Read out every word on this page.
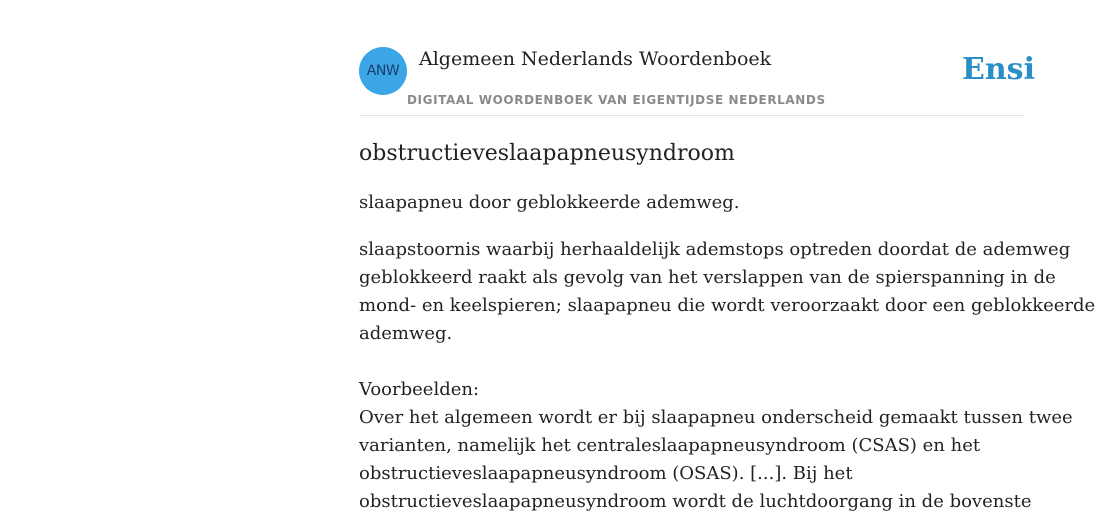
ANW
Algemeen Nederlands Woordenboek
DIGITAAL WOORDENBOEK VAN EIGENTIJDSE NEDERLANDS
Ensi
obstructieveslaapapneusyndroom

slaapapneu door geblokkeerde ademweg.

slaapstoornis waarbij herhaaldelijk ademstops optreden doordat de ademweg
geblokkeerd raakt als gevolg van het verslappen van de spierspanning in de
mond- en keelspieren; slaapapneu die wordt veroorzaakt door een geblokkeerde
ademweg.

Voorbeelden:

Over het algemeen wordt er bij slaapapneu onderscheid gemaakt tussen twee
varianten, namelijk het centraleslaapapneusyndroom (CSAS) en het
obstructieveslaapapneusyndroom (OSAS). [...]. Bij het
obstructieveslaapapneusyndroom wordt de luchtdoorgang in de bovenste
